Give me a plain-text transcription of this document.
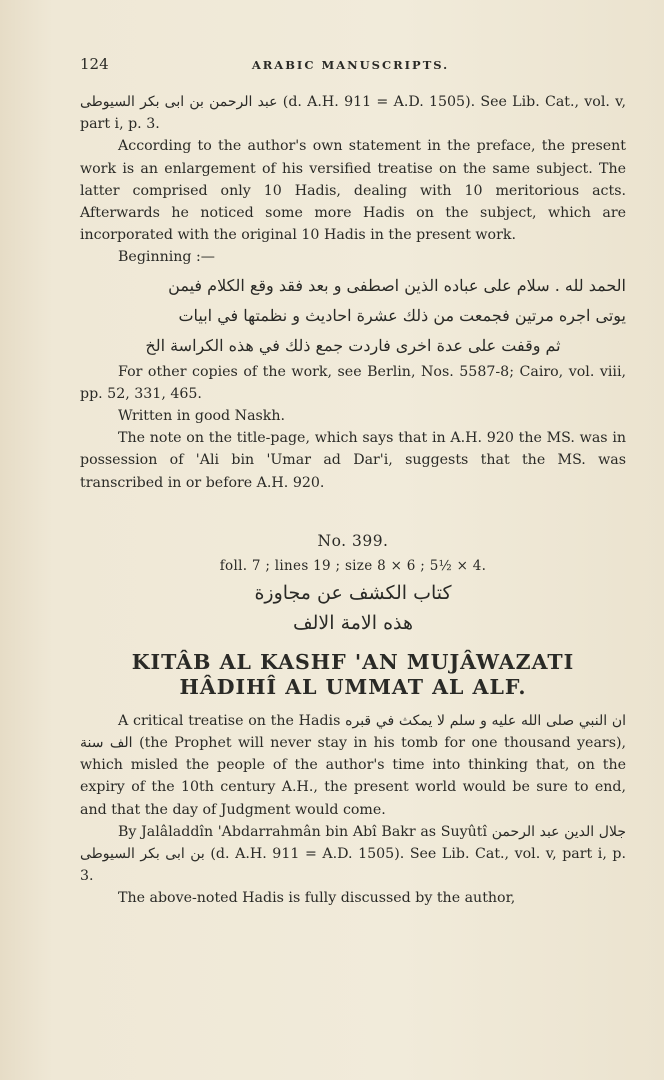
124	ARABIC MANUSCRIPTS.

عبد الرحمن بن ابی بکر السیوطی (d. A.H. 911 = A.D. 1505). See Lib. Cat., vol. v, part i, p. 3.

According to the author's own statement in the preface, the present work is an enlargement of his versified treatise on the same subject. The latter comprised only 10 Hadis, dealing with 10 meritorious acts. Afterwards he noticed some more Hadis on the subject, which are incorporated with the original 10 Hadis in the present work.

Beginning :—

الحمد لله . سلام على عباده الذين اصطفى و بعد فقد وقع الكلام فيمن

يوتى اجره مرتين فجمعت من ذلك عشرة احاديث و نظمتها في ابيات

ثم وقفت على عدة اخرى فاردت جمع ذلك في هذه الكراسة الخ

For other copies of the work, see Berlin, Nos. 5587-8; Cairo, vol. viii, pp. 52, 331, 465.

Written in good Naskh.

The note on the title-page, which says that in A.H. 920 the MS. was in possession of 'Ali bin 'Umar ad Dar'i, suggests that the MS. was transcribed in or before A.H. 920.

No. 399.
foll. 7 ; lines 19 ; size 8 × 6 ; 5½ × 4.
كتاب الكشف عن مجاوزة
هذه الامة الالف
KITÂB AL KASHF 'AN MUJÂWAZATI
HÂDIHÎ AL UMMAT AL ALF.

A critical treatise on the Hadis ان النبي صلى الله عليه و سلم لا يمكث في قبره الف سنة (the Prophet will never stay in his tomb for one thousand years), which misled the people of the author's time into thinking that, on the expiry of the 10th century A.H., the present world would be sure to end, and that the day of Judgment would come.

By Jalâladdîn 'Abdarrahmân bin Abî Bakr as Suyûtî جلال الدين عبد الرحمن بن ابی بکر السیوطی (d. A.H. 911 = A.D. 1505). See Lib. Cat., vol. v, part i, p. 3.

The above-noted Hadis is fully discussed by the author,
